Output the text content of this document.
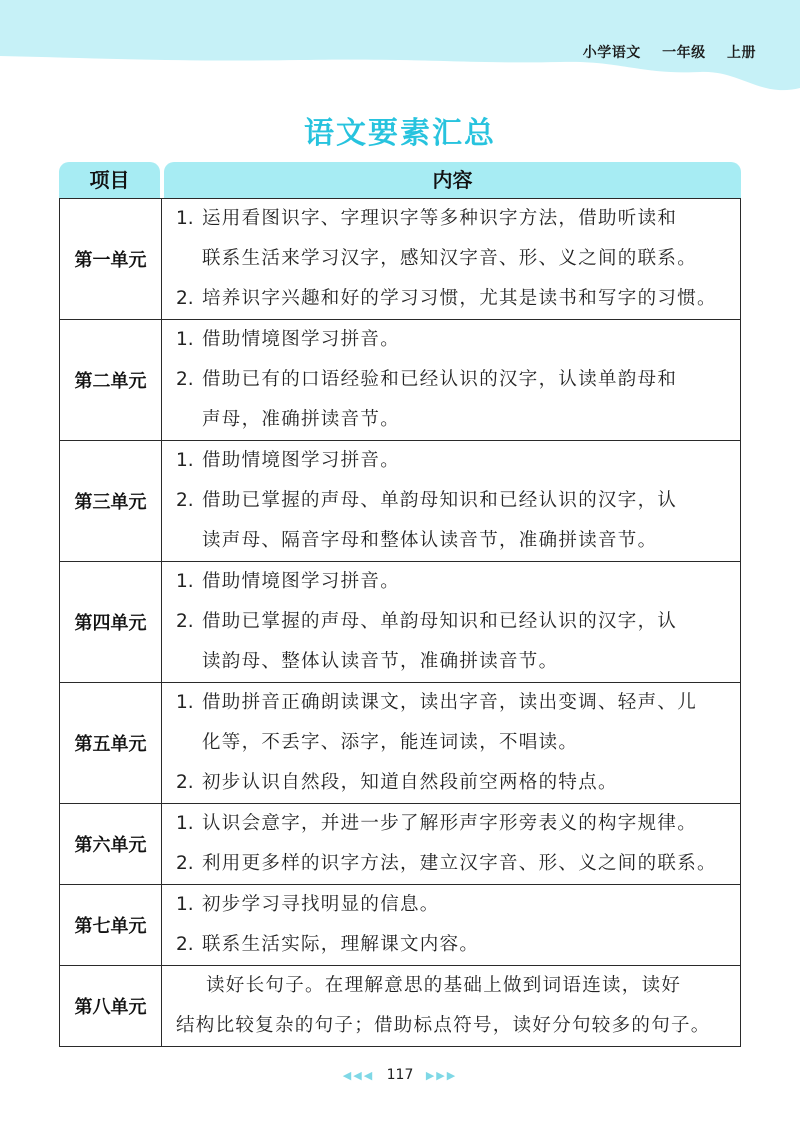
小学语文 一年级 上册
语文要素汇总
项目	内容
第一单元	1. 运用看图识字、字理识字等多种识字方法，借助听读和
联系生活来学习汉字，感知汉字音、形、义之间的联系。
2. 培养识字兴趣和好的学习习惯，尤其是读书和写字的习惯。

第二单元	1. 借助情境图学习拼音。
2. 借助已有的口语经验和已经认识的汉字，认读单韵母和
声母，准确拼读音节。

第三单元	1. 借助情境图学习拼音。
2. 借助已掌握的声母、单韵母知识和已经认识的汉字，认
读声母、隔音字母和整体认读音节，准确拼读音节。

第四单元	1. 借助情境图学习拼音。
2. 借助已掌握的声母、单韵母知识和已经认识的汉字，认
读韵母、整体认读音节，准确拼读音节。

第五单元	1. 借助拼音正确朗读课文，读出字音，读出变调、轻声、儿
化等，不丢字、添字，能连词读，不唱读。
2. 初步认识自然段，知道自然段前空两格的特点。

第六单元	1. 认识会意字，并进一步了解形声字形旁表义的构字规律。
2. 利用更多样的识字方法，建立汉字音、形、义之间的联系。

第七单元	1. 初步学习寻找明显的信息。
2. 联系生活实际，理解课文内容。

第八单元	读好长句子。在理解意思的基础上做到词语连读，读好
结构比较复杂的句子；借助标点符号，读好分句较多的句子。
◀◀◀ 117 ▶▶▶
